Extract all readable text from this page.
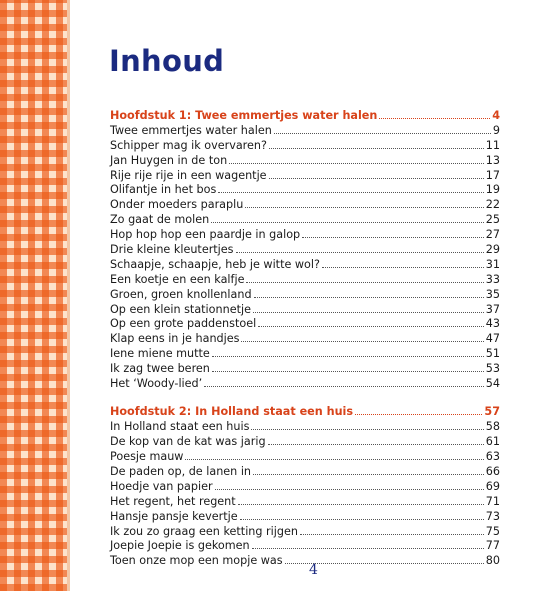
Inhoud
Hoofdstuk 1: Twee emmertjes water halen	4
Twee emmertjes water halen	9
Schipper mag ik overvaren?	11
Jan Huygen in de ton	13
Rije rije rije in een wagentje	17
Olifantje in het bos	19
Onder moeders paraplu	22
Zo gaat de molen	25
Hop hop hop een paardje in galop	27
Drie kleine kleutertjes	29
Schaapje, schaapje, heb je witte wol?	31
Een koetje en een kalfje	33
Groen, groen knollenland	35
Op een klein stationnetje	37
Op een grote paddenstoel	43
Klap eens in je handjes	47
Iene miene mutte	51
Ik zag twee beren	53
Het ‘Woody-lied’	54
Hoofdstuk 2: In Holland staat een huis	57
In Holland staat een huis	58
De kop van de kat was jarig	61
Poesje mauw	63
De paden op, de lanen in	66
Hoedje van papier	69
Het regent, het regent	71
Hansje pansje kevertje	73
Ik zou zo graag een ketting rijgen	75
Joepie Joepie is gekomen	77
Toen onze mop een mopje was	80
4
